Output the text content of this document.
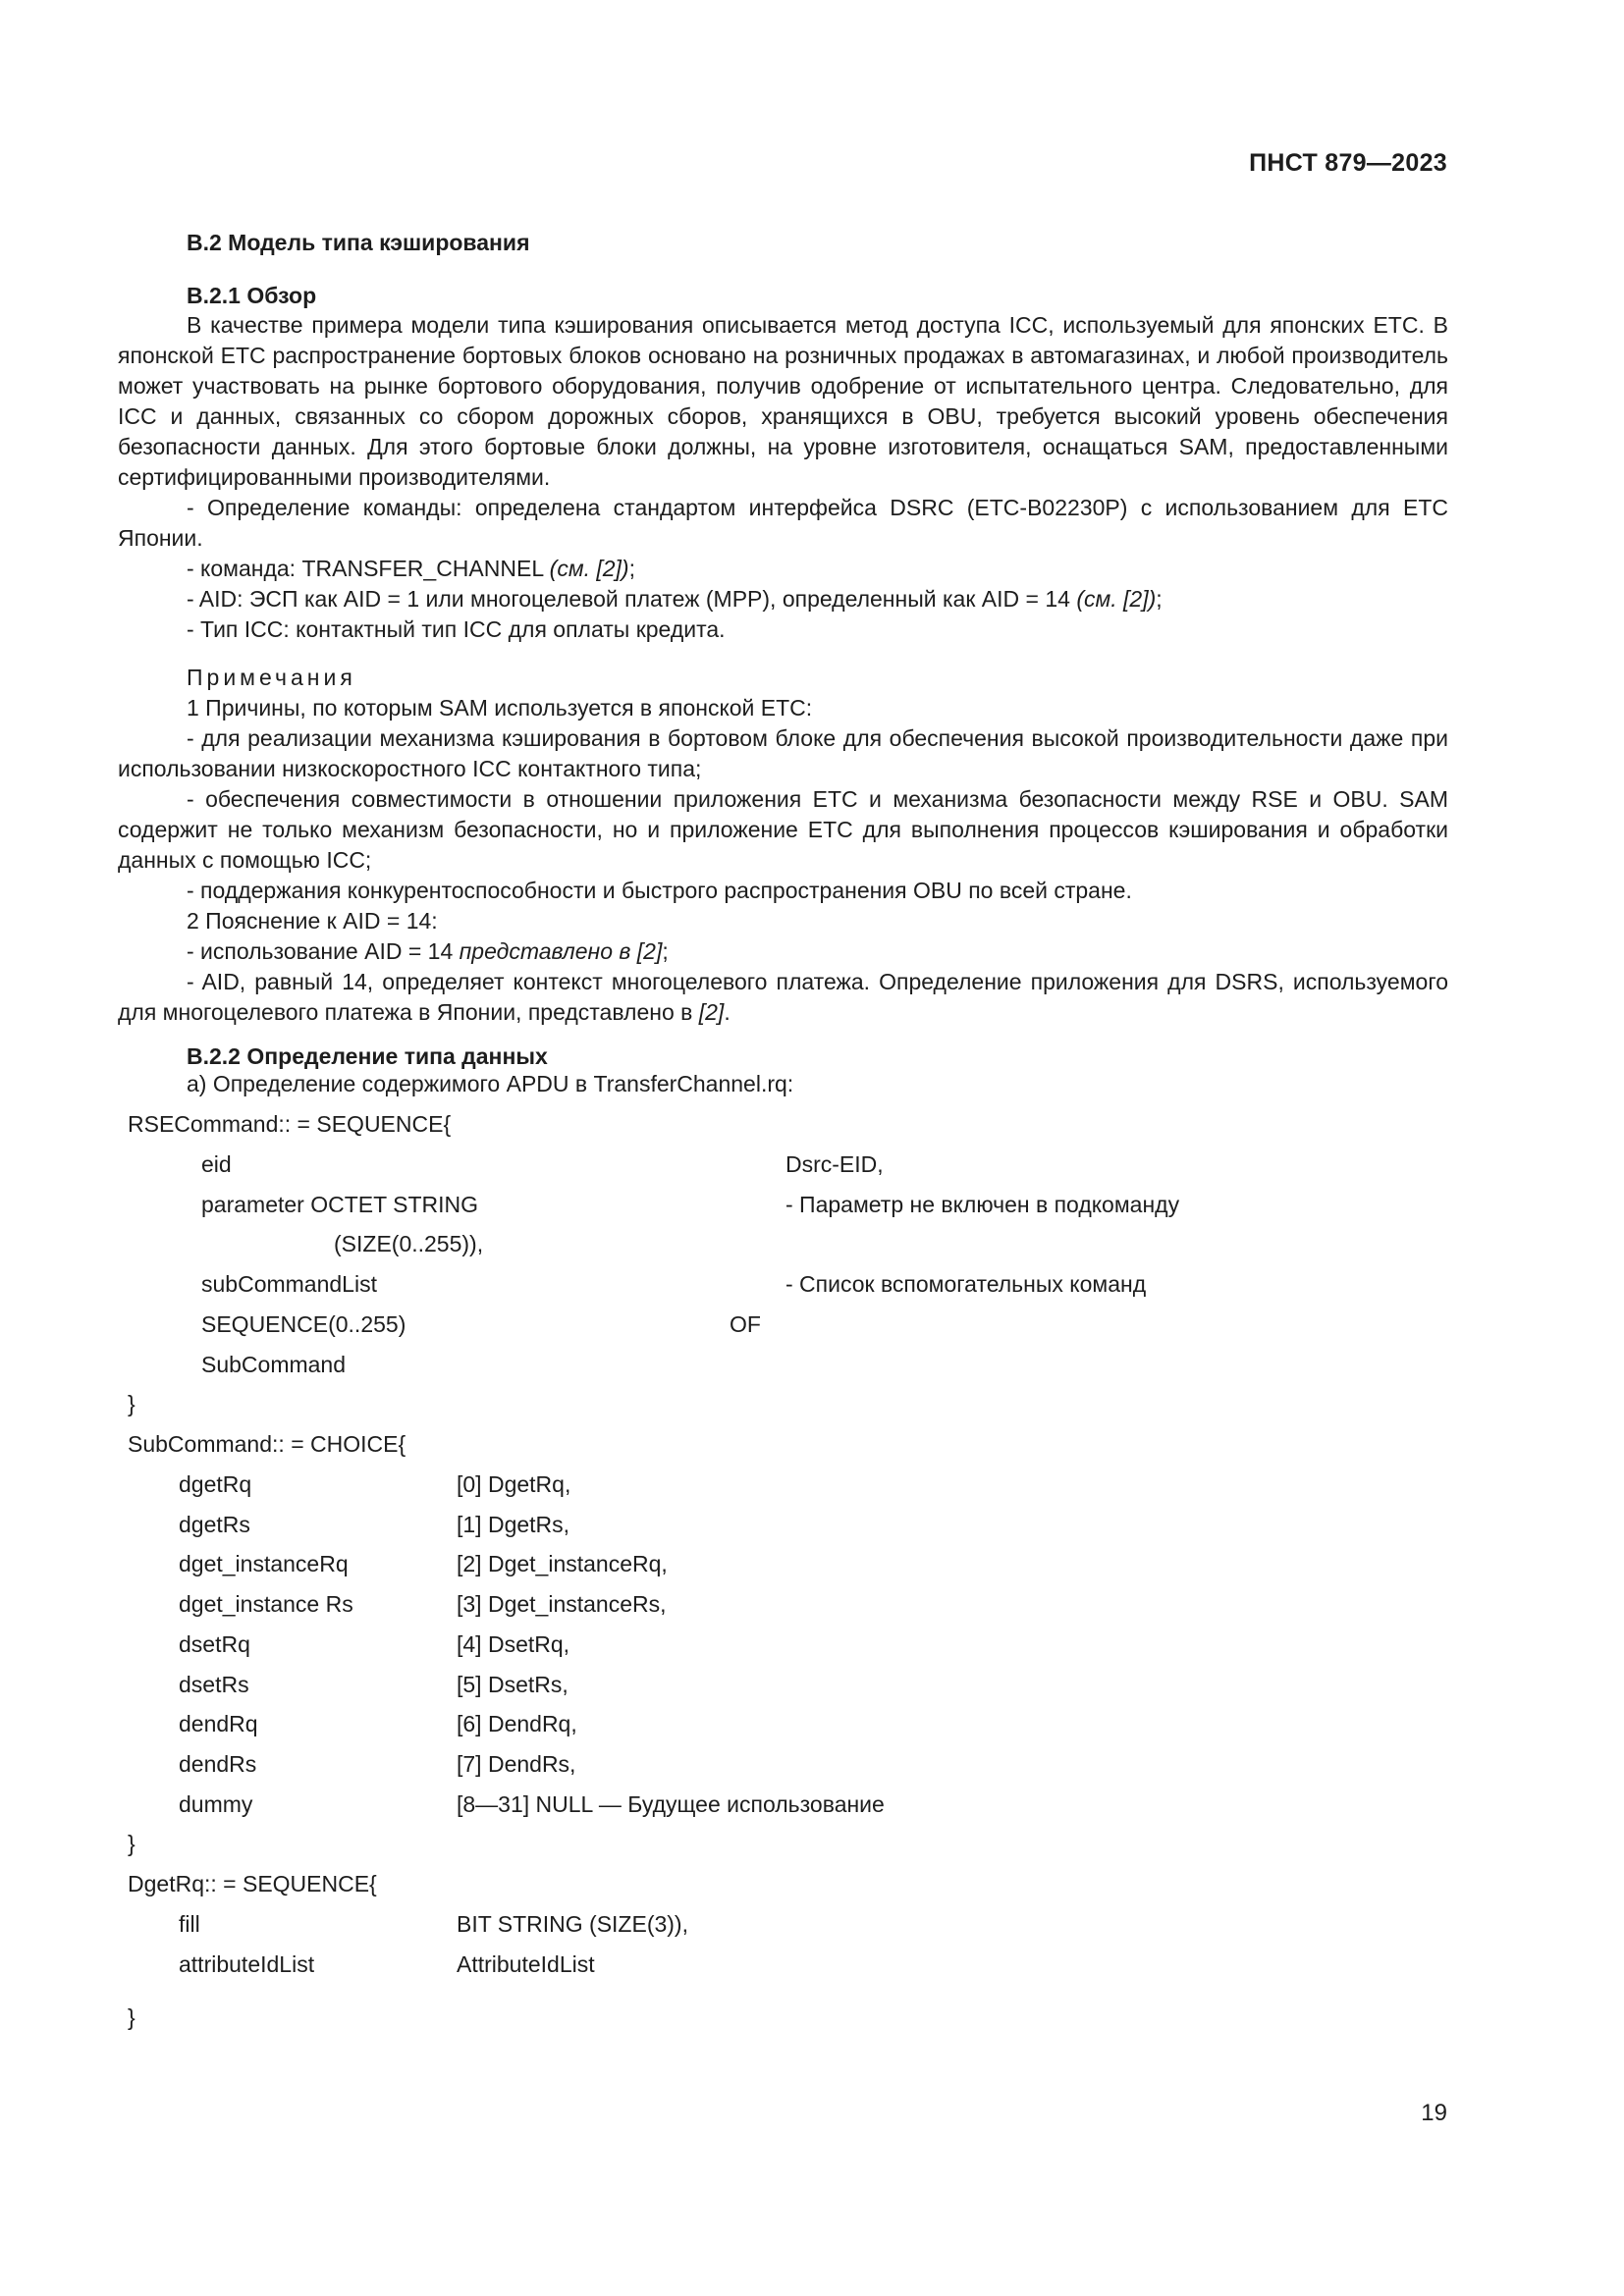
ПНСТ 879—2023
В.2 Модель типа кэширования
В.2.1 Обзор

В качестве примера модели типа кэширования описывается метод доступа ICC, используемый для японских ЕТС. В японской ЕТС распространение бортовых блоков основано на розничных продажах в автомагазинах, и любой производитель может участвовать на рынке бортового оборудования, получив одобрение от испытательного центра. Следовательно, для ICC и данных, связанных со сбором дорожных сборов, хранящихся в OBU, требуется высокий уровень обеспечения безопасности данных. Для этого бортовые блоки должны, на уровне изготовителя, оснащаться SAM, предоставленными сертифицированными производителями.

- Определение команды: определена стандартом интерфейса DSRC (ETC-B02230P) с использованием для ЕТС Японии.

- команда: TRANSFER_CHANNEL (см. [2]);
- AID: ЭСП как AID = 1 или многоцелевой платеж (MPP), определенный как AID = 14 (см. [2]);
- Тип ICC: контактный тип ICC для оплаты кредита.
Примечания
1 Причины, по которым SAM используется в японской ЕТС:

- для реализации механизма кэширования в бортовом блоке для обеспечения высокой производительности даже при использовании низкоскоростного ICC контактного типа;

- обеспечения совместимости в отношении приложения ЕТС и механизма безопасности между RSE и OBU. SAM содержит не только механизм безопасности, но и приложение ЕТС для выполнения процессов кэширования и обработки данных с помощью ICC;

- поддержания конкурентоспособности и быстрого распространения OBU по всей стране.
2 Пояснение к AID = 14:
- использование AID = 14 представлено в [2];

- AID, равный 14, определяет контекст многоцелевого платежа. Определение приложения для DSRS, используемого для многоцелевого платежа в Японии, представлено в [2].

В.2.2 Определение типа данных
а) Определение содержимого APDU в TransferChannel.rq:
RSECommand:: = SEQUENCE{
eid	Dsrc-EID,
parameter OCTET STRING	- Параметр не включен в подкоманду
(SIZE(0..255)),
subCommandList	- Список вспомогательных команд
SEQUENCE(0..255)	OF
SubCommand
}
SubCommand:: = CHOICE{
dgetRq	[0] DgetRq,
dgetRs	[1] DgetRs,
dget_instanceRq	[2] Dget_instanceRq,
dget_instance Rs	[3] Dget_instanceRs,
dsetRq	[4] DsetRq,
dsetRs	[5] DsetRs,
dendRq	[6] DendRq,
dendRs	[7] DendRs,
dummy	[8—31] NULL — Будущее использование
}
DgetRq:: = SEQUENCE{
fill	BIT STRING (SIZE(3)),
attributeIdList	AttributeIdList
}
19
